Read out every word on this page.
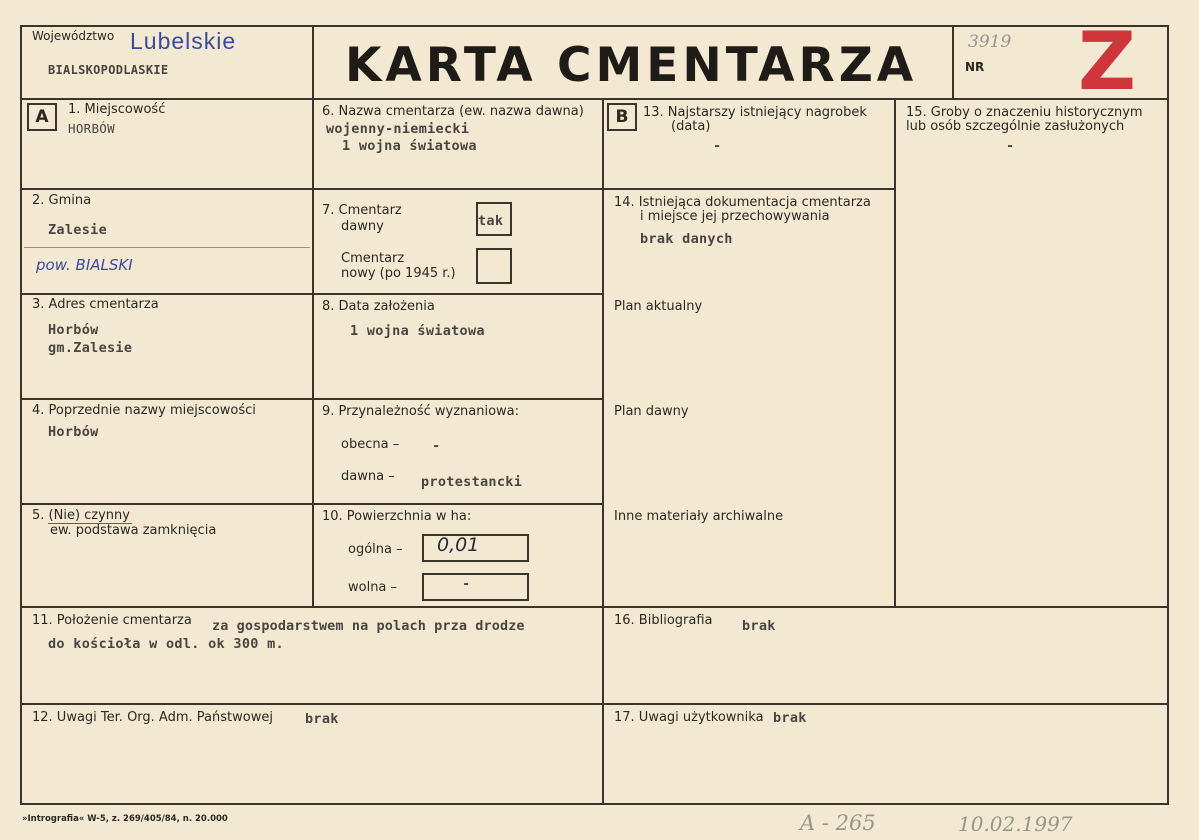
Województwo Lubelskie
BIALSKOPODLASKIE	KARTA CMENTARZA	3919
NR Z
A	B
1. Miejscowość
HORBÓW
2. Gmina
Zalesie
pow. BIALSKI
3. Adres cmentarza
Horbów
gm.Zalesie
4. Poprzednie nazwy miejscowości
Horbów
5. (Nie) czynny
ew. podstawa zamknięcia
6. Nazwa cmentarza (ew. nazwa dawna)
wojenny-niemiecki
1 wojna światowa
7. Cmentarz
dawny	tak
Cmentarz
nowy (po 1945 r.)
8. Data założenia
1 wojna światowa
9. Przynależność wyznaniowa:
obecna – -
dawna – protestancki
10. Powierzchnia w ha:
ogólna – 0,01
wolna –	-
13. Najstarszy istniejący nagrobek
(data)
-
14. Istniejąca dokumentacja cmentarza
i miejsce jej przechowywania
brak danych
Plan aktualny
Plan dawny
Inne materiały archiwalne
15. Groby o znaczeniu historycznym lub osób szczególnie zasłużonych
-
11. Położenie cmentarza za gospodarstwem na polach prza drodze
do kościoła w odl. ok 300 m.
16. Bibliografia brak
12. Uwagi Ter. Org. Adm. Państwowej brak	17. Uwagi użytkownika brak
»Intrografia« W-5, z. 269/405/84, n. 20.000	A - 265	10.02.1997
